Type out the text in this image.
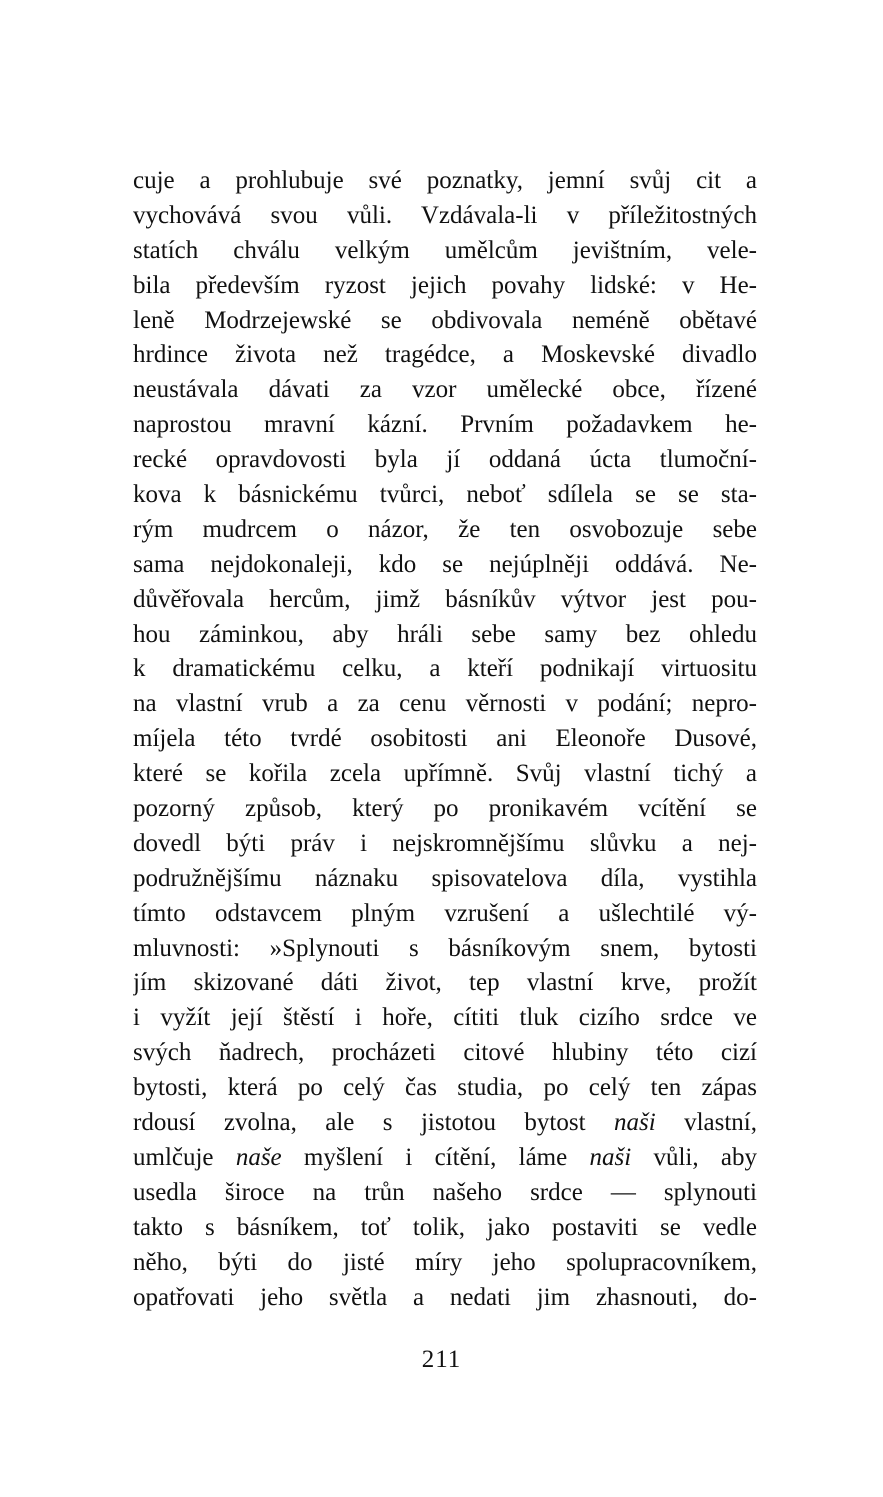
cuje a prohlubuje své poznatky, jemní svůj cit a
vychovává svou vůli. Vzdávala-li v příležitostných
statích chválu velkým umělcům jevištním, vele-
bila především ryzost jejich povahy lidské: v He-
leně Modrzejewské se obdivovala neméně obětavé
hrdince života než tragédce, a Moskevské divadlo
neustávala dávati za vzor umělecké obce, řízené
naprostou mravní kázní. Prvním požadavkem he-
recké opravdovosti byla jí oddaná úcta tlumoční-
kova k básnickému tvůrci, neboť sdílela se se sta-
rým mudrcem o názor, že ten osvobozuje sebe
sama nejdokonaleji, kdo se nejúplněji oddává. Ne-
důvěřovala hercům, jimž básníkův výtvor jest pou-
hou záminkou, aby hráli sebe samy bez ohledu
k dramatickému celku, a kteří podnikají virtuositu
na vlastní vrub a za cenu věrnosti v podání; nepro-
míjela této tvrdé osobitosti ani Eleonoře Dusové,
které se kořila zcela upřímně. Svůj vlastní tichý a
pozorný způsob, který po pronikavém vcítění se
dovedl býti práv i nejskromnějšímu slůvku a nej-
podružnějšímu náznaku spisovatelova díla, vystihla
tímto odstavcem plným vzrušení a ušlechtilé vý-
mluvnosti: »Splynouti s básníkovým snem, bytosti
jím skizované dáti život, tep vlastní krve, prožít
i vyžít její štěstí i hoře, cítiti tluk cizího srdce ve
svých ňadrech, procházeti citové hlubiny této cizí
bytosti, která po celý čas studia, po celý ten zápas
rdousí zvolna, ale s jistotou bytost naši vlastní,
umlčuje naše myšlení i cítění, láme naši vůli, aby
usedla široce na trůn našeho srdce — splynouti
takto s básníkem, toť tolik, jako postaviti se vedle
něho, býti do jisté míry jeho spolupracovníkem,
opatřovati jeho světla a nedati jim zhasnouti, do-
211
